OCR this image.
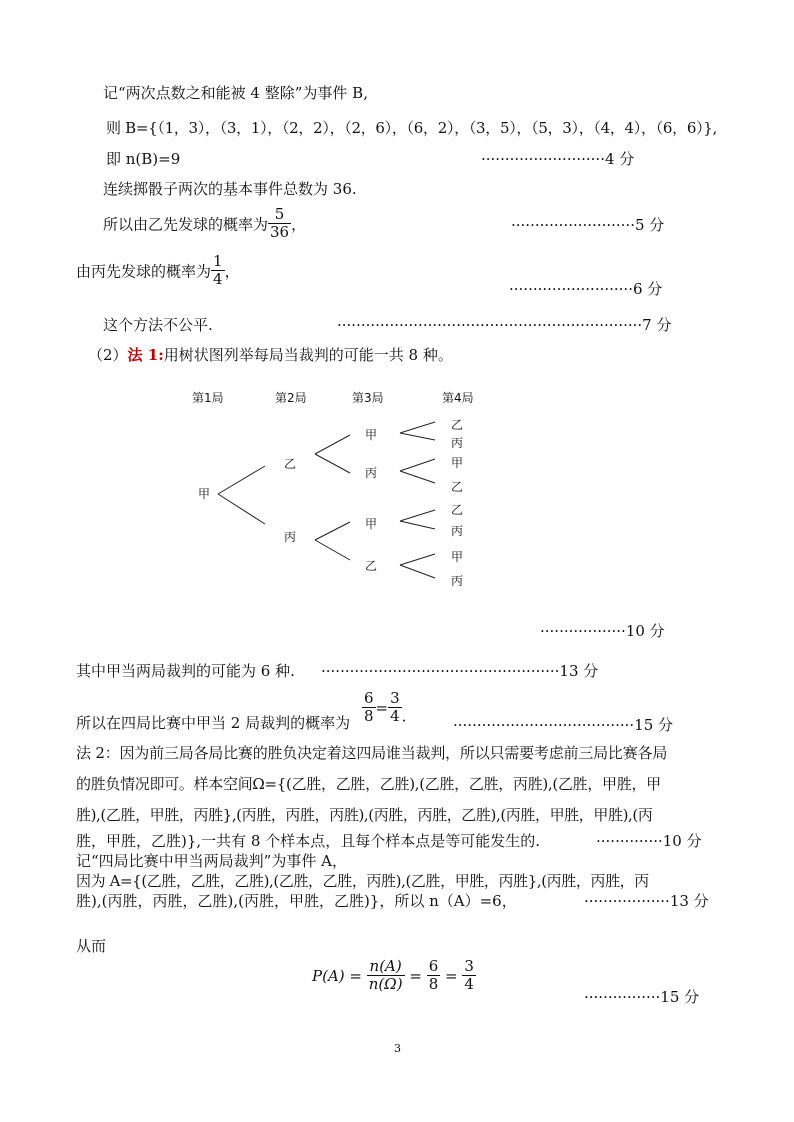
记“两次点数之和能被 4 整除”为事件 B,
则 B={（1，3），（3，1），（2，2），（2，6），（6，2），（3，5），（5，3），（4，4），（6，6）},
即 n(B)=9	··························4 分
连续掷骰子两次的基本事件总数为 36.
所以由乙先发球的概率为 $\frac{5}{36}$ ，	··························5 分
由丙先发球的概率为 $\frac{1}{4}$ ，
··························6 分
这个方法不公平.	································································7 分
（2）法 1:用树状图列举每局当裁判的可能一共 8 种。
第1局	第2局	第3局	第4局
甲
乙
丙
甲
丙
甲
乙
乙
丙
甲
乙
乙
丙
甲
丙
··················10 分
其中甲当两局裁判的可能为 6 种. ··················································13 分
所以在四局比赛中甲当 2 局裁判的概率为 $\frac{6}{8} = \frac{3}{4}$ .	······································15 分
法 2：因为前三局各局比赛的胜负决定着这四局谁当裁判，所以只需要考虑前三局比赛各局
的胜负情况即可。样本空间Ω={(乙胜，乙胜，乙胜),(乙胜，乙胜，丙胜),(乙胜，甲胜，甲
胜),(乙胜，甲胜，丙胜},(丙胜，丙胜，丙胜),(丙胜，丙胜，乙胜),(丙胜，甲胜，甲胜),(丙
胜，甲胜，乙胜)},一共有 8 个样本点，且每个样本点是等可能发生的.	··············10 分
记“四局比赛中甲当两局裁判”为事件 A，
因为 A={(乙胜，乙胜，乙胜),(乙胜，乙胜，丙胜),(乙胜，甲胜，丙胜},(丙胜，丙胜，丙
胜),(丙胜，丙胜，乙胜),(丙胜，甲胜，乙胜)}，所以 n（A）=6，	··················13 分
从而
$P(A) = \frac{n(A)}{n(\Omega)} = \frac{6}{8} = \frac{3}{4}$
················15 分
3
